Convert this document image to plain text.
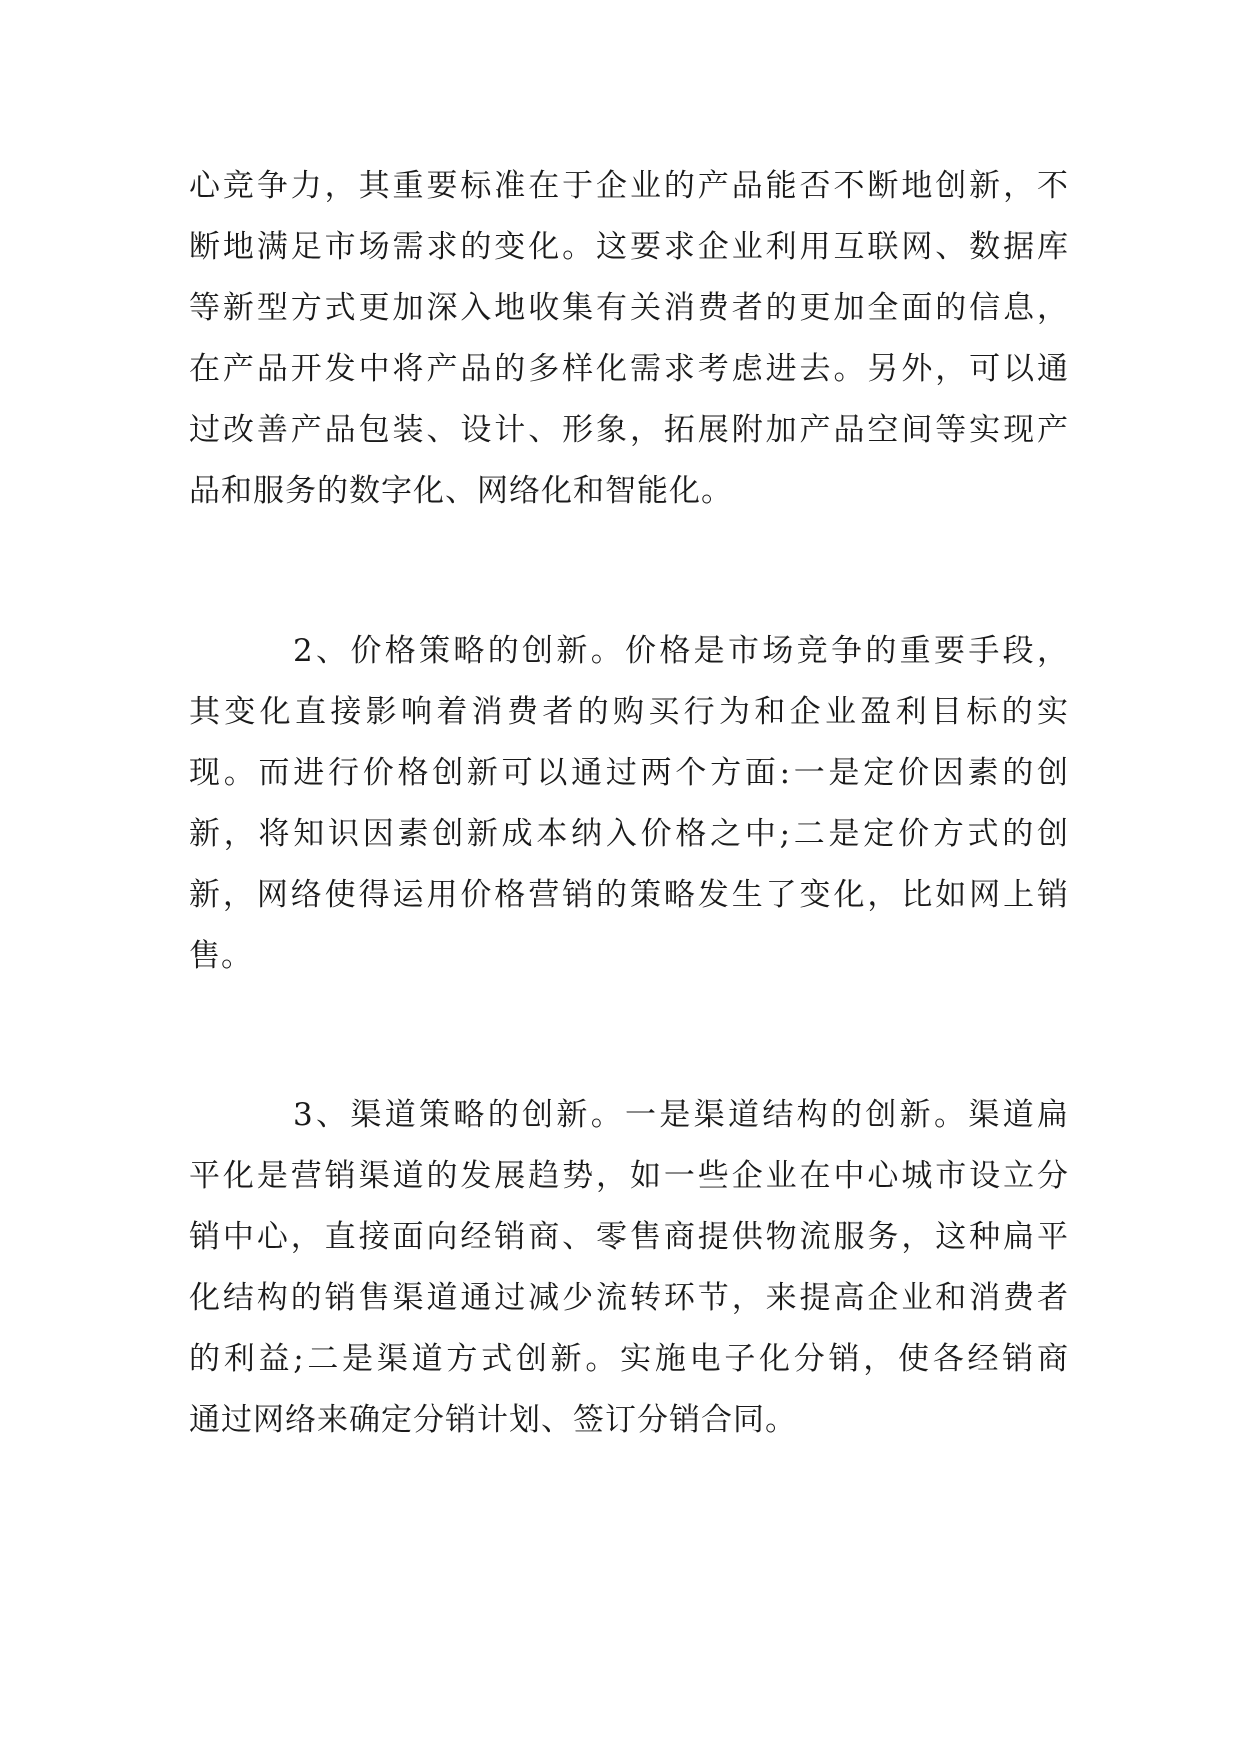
心竞争力，其重要标准在于企业的产品能否不断地创新，不
断地满足市场需求的变化。这要求企业利用互联网、数据库
等新型方式更加深入地收集有关消费者的更加全面的信息，
在产品开发中将产品的多样化需求考虑进去。另外，可以通
过改善产品包装、设计、形象，拓展附加产品空间等实现产
品和服务的数字化、网络化和智能化。
2、价格策略的创新。价格是市场竞争的重要手段，
其变化直接影响着消费者的购买行为和企业盈利目标的实
现。而进行价格创新可以通过两个方面:一是定价因素的创
新，将知识因素创新成本纳入价格之中;二是定价方式的创
新，网络使得运用价格营销的策略发生了变化，比如网上销
售。
3、渠道策略的创新。一是渠道结构的创新。渠道扁
平化是营销渠道的发展趋势，如一些企业在中心城市设立分
销中心，直接面向经销商、零售商提供物流服务，这种扁平
化结构的销售渠道通过减少流转环节，来提高企业和消费者
的利益;二是渠道方式创新。实施电子化分销，使各经销商
通过网络来确定分销计划、签订分销合同。
